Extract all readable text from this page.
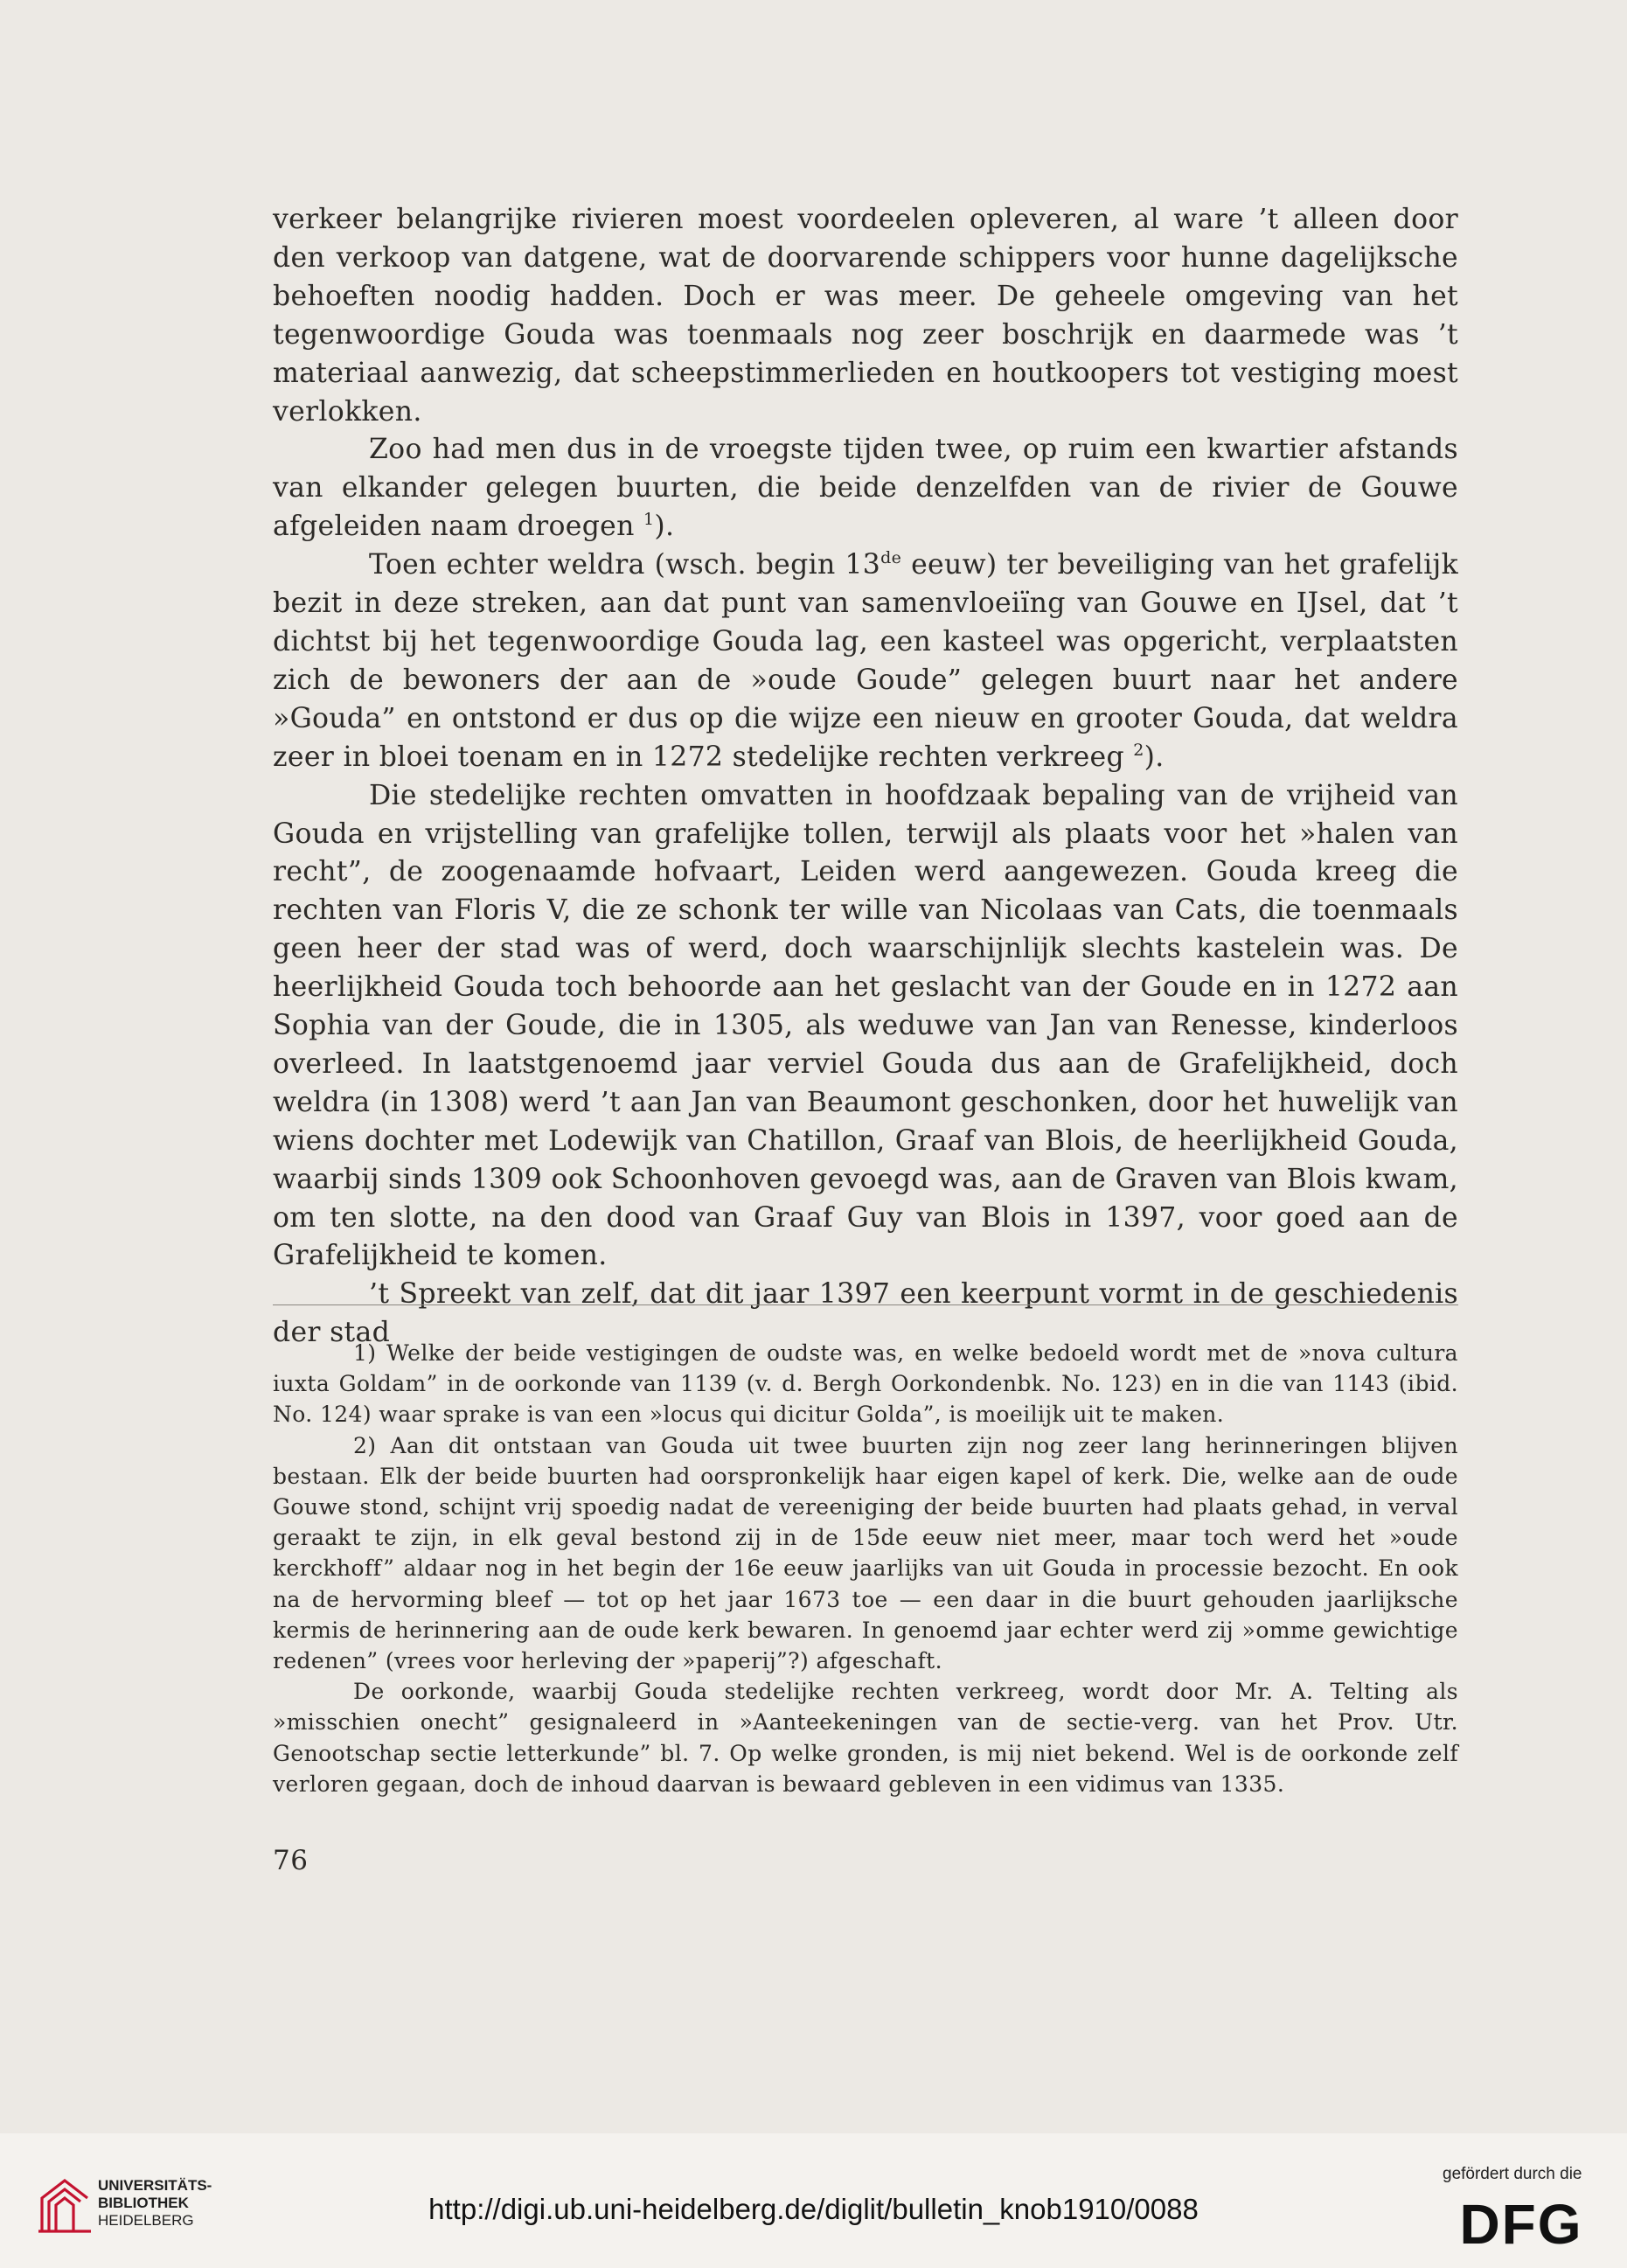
verkeer belangrijke rivieren moest voordeelen opleveren, al ware ’t alleen door den verkoop van datgene, wat de doorvarende schippers voor hunne dagelijksche behoeften noodig hadden. Doch er was meer. De geheele omgeving van het tegenwoordige Gouda was toenmaals nog zeer boschrijk en daarmede was ’t materiaal aanwezig, dat scheepstimmerlieden en houtkoopers tot vestiging moest verlokken.

Zoo had men dus in de vroegste tijden twee, op ruim een kwartier afstands van elkander gelegen buurten, die beide denzelfden van de rivier de Gouwe afgeleiden naam droegen $^1$).

Toen echter weldra (wsch. begin 13de eeuw) ter beveiliging van het grafelijk bezit in deze streken, aan dat punt van samenvloeiïng van Gouwe en IJsel, dat ’t dichtst bij het tegenwoordige Gouda lag, een kasteel was opgericht, verplaatsten zich de bewoners der aan de »oude Goude” gelegen buurt naar het andere »Gouda” en ontstond er dus op die wijze een nieuw en grooter Gouda, dat weldra zeer in bloei toenam en in 1272 stedelijke rechten verkreeg $^2$).

Die stedelijke rechten omvatten in hoofdzaak bepaling van de vrijheid van Gouda en vrijstelling van grafelijke tollen, terwijl als plaats voor het »halen van recht”, de zoogenaamde hofvaart, Leiden werd aangewezen. Gouda kreeg die rechten van Floris V, die ze schonk ter wille van Nicolaas van Cats, die toenmaals geen heer der stad was of werd, doch waarschijnlijk slechts kastelein was. De heerlijkheid Gouda toch behoorde aan het geslacht van der Goude en in 1272 aan Sophia van der Goude, die in 1305, als weduwe van Jan van Renesse, kinderloos overleed. In laatstgenoemd jaar verviel Gouda dus aan de Grafelijkheid, doch weldra (in 1308) werd ’t aan Jan van Beaumont geschonken, door het huwelijk van wiens dochter met Lodewijk van Chatillon, Graaf van Blois, de heerlijkheid Gouda, waarbij sinds 1309 ook Schoonhoven gevoegd was, aan de Graven van Blois kwam, om ten slotte, na den dood van Graaf Guy van Blois in 1397, voor goed aan de Grafelijkheid te komen.

’t Spreekt van zelf, dat dit jaar 1397 een keerpunt vormt in de geschiedenis der stad

1) Welke der beide vestigingen de oudste was, en welke bedoeld wordt met de »nova cultura iuxta Goldam” in de oorkonde van 1139 (v. d. Bergh Oorkondenbk. No. 123) en in die van 1143 (ibid. No. 124) waar sprake is van een »locus qui dicitur Golda”, is moeilijk uit te maken.

2) Aan dit ontstaan van Gouda uit twee buurten zijn nog zeer lang herinneringen blijven bestaan. Elk der beide buurten had oorspronkelijk haar eigen kapel of kerk. Die, welke aan de oude Gouwe stond, schijnt vrij spoedig nadat de vereeniging der beide buurten had plaats gehad, in verval geraakt te zijn, in elk geval bestond zij in de 15de eeuw niet meer, maar toch werd het »oude kerckhoff” aldaar nog in het begin der 16e eeuw jaarlijks van uit Gouda in processie bezocht. En ook na de hervorming bleef — tot op het jaar 1673 toe — een daar in die buurt gehouden jaarlijksche kermis de herinnering aan de oude kerk bewaren. In genoemd jaar echter werd zij »omme gewichtige redenen” (vrees voor herleving der »paperij”?) afgeschaft.

De oorkonde, waarbij Gouda stedelijke rechten verkreeg, wordt door Mr. A. Telting als »misschien onecht” gesignaleerd in »Aanteekeningen van de sectie-verg. van het Prov. Utr. Genootschap sectie letterkunde” bl. 7. Op welke gronden, is mij niet bekend. Wel is de oorkonde zelf verloren gegaan, doch de inhoud daarvan is bewaard gebleven in een vidimus van 1335.

76
UNIVERSITÄTS-
BIBLIOTHEK
HEIDELBERG	http://digi.ub.uni-heidelberg.de/diglit/bulletin_knob1910/0088
gefördert durch die
DFG
